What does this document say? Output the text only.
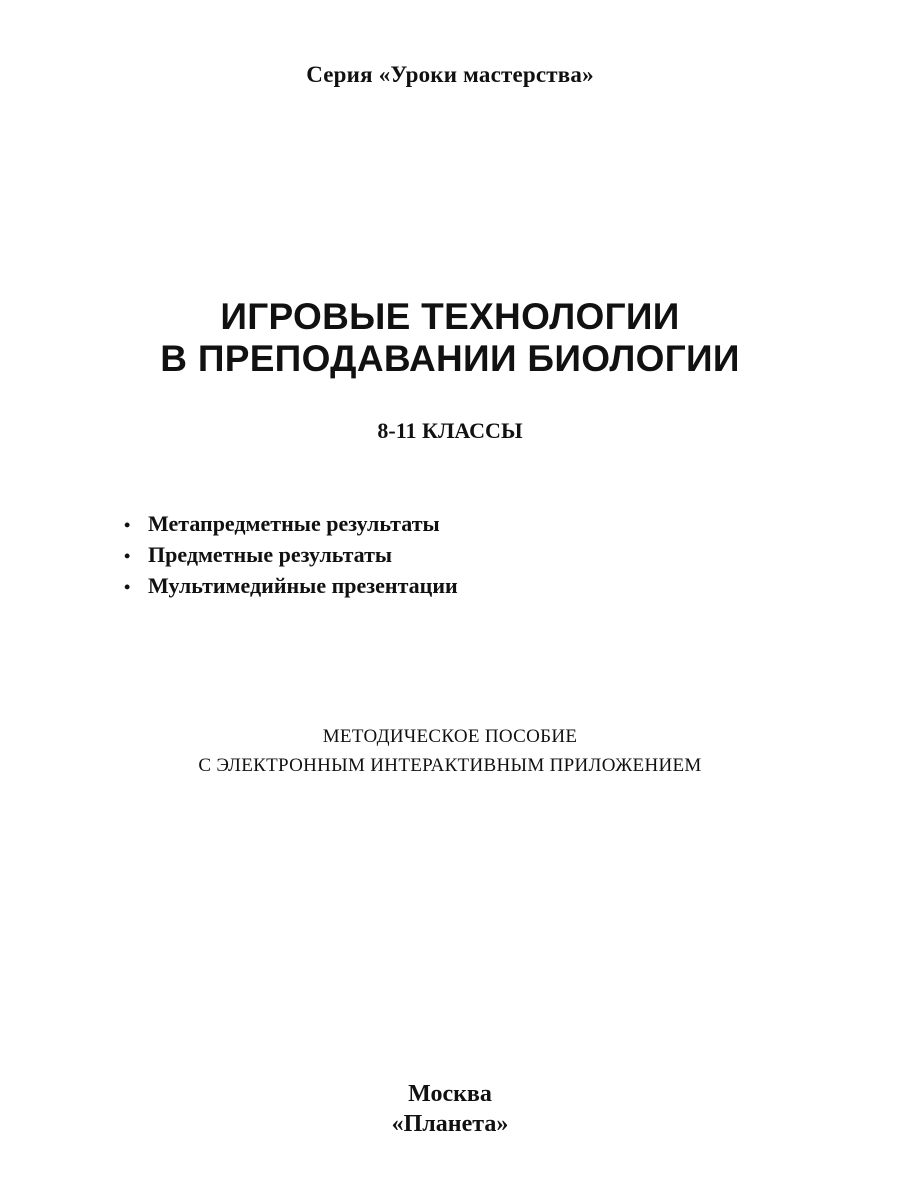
Серия «Уроки мастерства»
ИГРОВЫЕ ТЕХНОЛОГИИ
В ПРЕПОДАВАНИИ БИОЛОГИИ
8-11 КЛАССЫ
• Метапредметные результаты
• Предметные результаты
• Мультимедийные презентации
МЕТОДИЧЕСКОЕ ПОСОБИЕ
С ЭЛЕКТРОННЫМ ИНТЕРАКТИВНЫМ ПРИЛОЖЕНИЕМ
Москва
«Планета»
